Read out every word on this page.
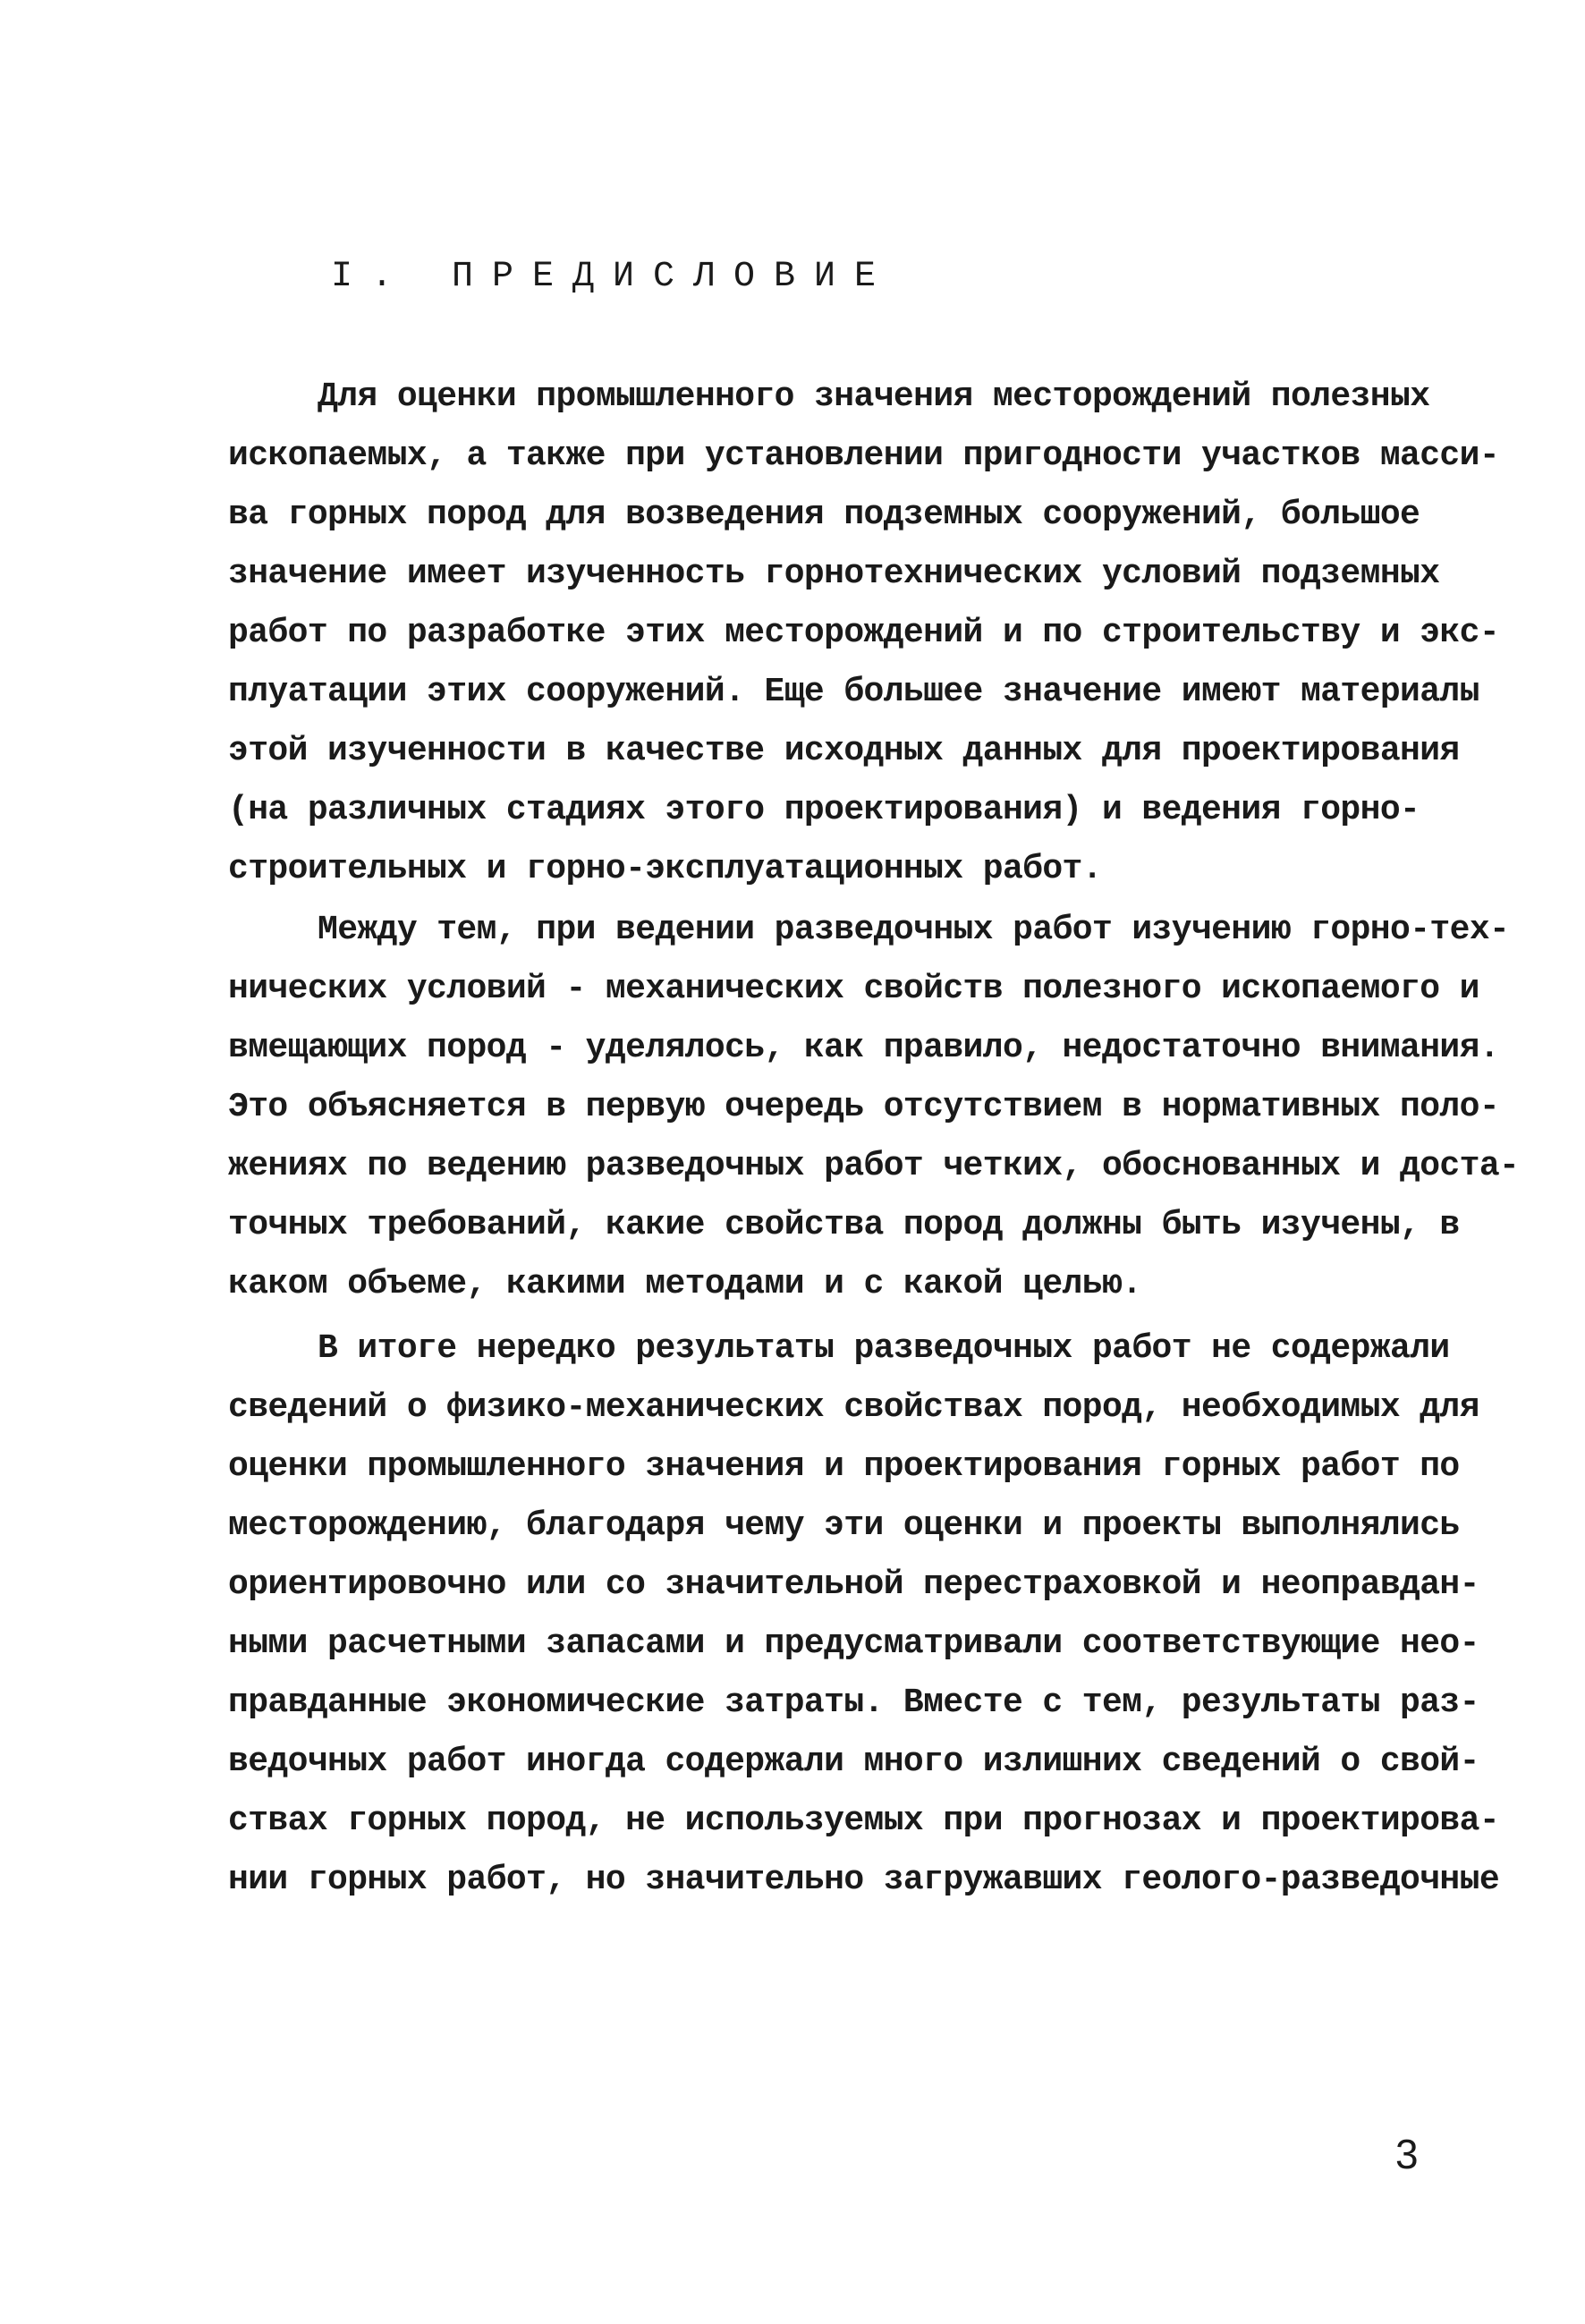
I. ПРЕДИСЛОВИЕ
Для оценки промышленного значения месторождений полезных
ископаемых, а также при установлении пригодности участков масси-
ва горных пород для возведения подземных сооружений, большое
значение имеет изученность горнотехнических условий подземных
работ по разработке этих месторождений и по строительству и экс-
плуатации этих сооружений. Еще большее значение имеют материалы
этой изученности в качестве исходных данных для проектирования
(на различных стадиях этого проектирования) и ведения горно-
строительных и горно-эксплуатационных работ.
Между тем, при ведении разведочных работ изучению горно-тех-
нических условий - механических свойств полезного ископаемого и
вмещающих пород - уделялось, как правило, недостаточно внимания.
Это объясняется в первую очередь отсутствием в нормативных поло-
жениях по ведению разведочных работ четких, обоснованных и доста-
точных требований, какие свойства пород должны быть изучены, в
каком объеме, какими методами и с какой целью.
В итоге нередко результаты разведочных работ не содержали
сведений о физико-механических свойствах пород, необходимых для
оценки промышленного значения и проектирования горных работ по
месторождению, благодаря чему эти оценки и проекты выполнялись
ориентировочно или со значительной перестраховкой и неоправдан-
ными расчетными запасами и предусматривали соответствующие нео-
правданные экономические затраты. Вместе с тем, результаты раз-
ведочных работ иногда содержали много излишних сведений о свой-
ствах горных пород, не используемых при прогнозах и проектирова-
нии горных работ, но значительно загружавших геолого-разведочные
3
